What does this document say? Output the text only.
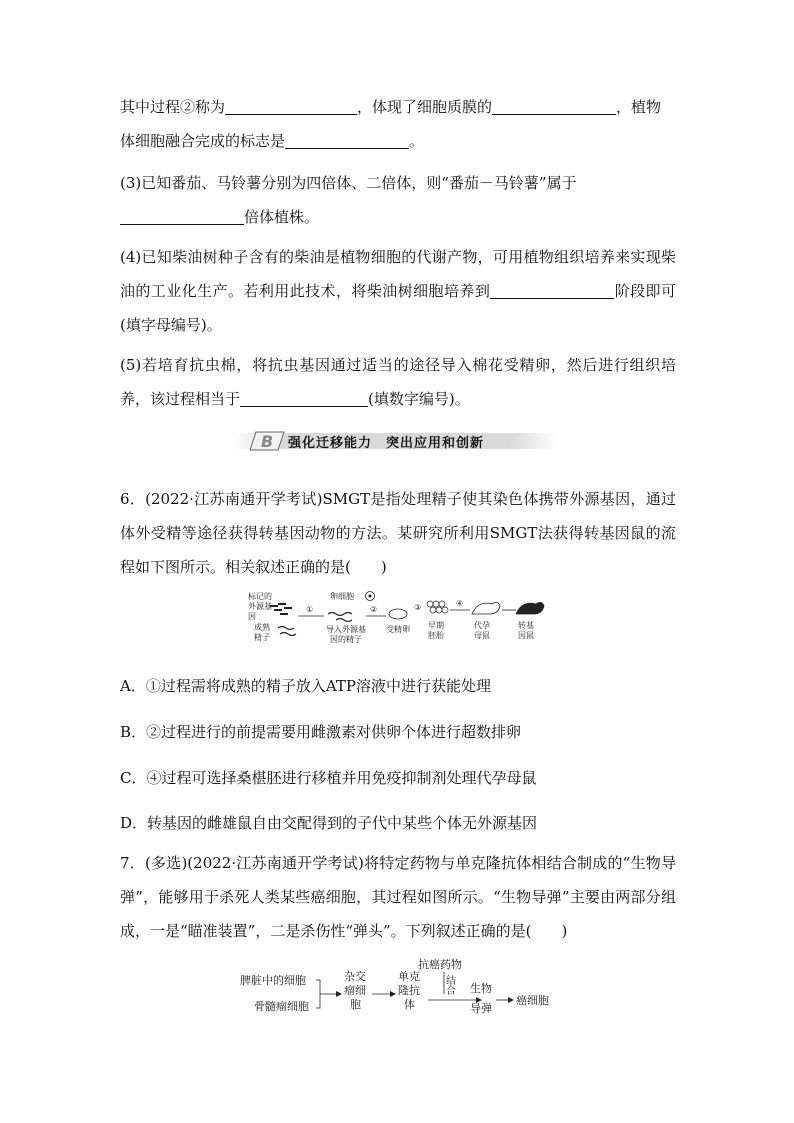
其中过程②称为	，体现了细胞质膜的	，植物
体细胞融合完成的标志是	。

(3)已知番茄、马铃薯分别为四倍体、二倍体，则“番茄－马铃薯”属于
倍体植株。

(4)已知柴油树种子含有的柴油是植物细胞的代谢产物，可用植物组织培养来实现柴油的工业化生产。若利用此技术，将柴油树细胞培养到	阶段即可(填字母编号)。

(5)若培育抗虫棉，将抗虫基因通过适当的途径导入棉花受精卵，然后进行组织培养，该过程相当于	(填数字编号)。

B 强化迁移能力　突出应用和创新

6．(2022·江苏南通开学考试)SMGT是指处理精子使其染色体携带外源基因，通过体外受精等途径获得转基因动物的方法。某研究所利用SMGT法获得转基因鼠的流程如下图所示。相关叙述正确的是(　　)

标记的
外源基
因
成熟
精子
①
卵细胞
导入外源基
因的精子
②
受精卵
③
早期
胚胎
④
代孕
母鼠
转基
因鼠

A．①过程需将成熟的精子放入ATP溶液中进行获能处理

B．②过程进行的前提需要用雌激素对供卵个体进行超数排卵

C．④过程可选择桑椹胚进行移植并用免疫抑制剂处理代孕母鼠

D．转基因的雌雄鼠自由交配得到的子代中某些个体无外源基因

7．(多选)(2022·江苏南通开学考试)将特定药物与单克隆抗体相结合制成的“生物导弹”，能够用于杀死人类某些癌细胞，其过程如图所示。“生物导弹”主要由两部分组成，一是“瞄准装置”，二是杀伤性“弹头”。下列叙述正确的是(　　)

脾脏中的细胞
骨髓瘤细胞
杂交
瘤细
胞
单克
隆抗
体
抗癌药物
结
合 生物
导弹
癌细胞
